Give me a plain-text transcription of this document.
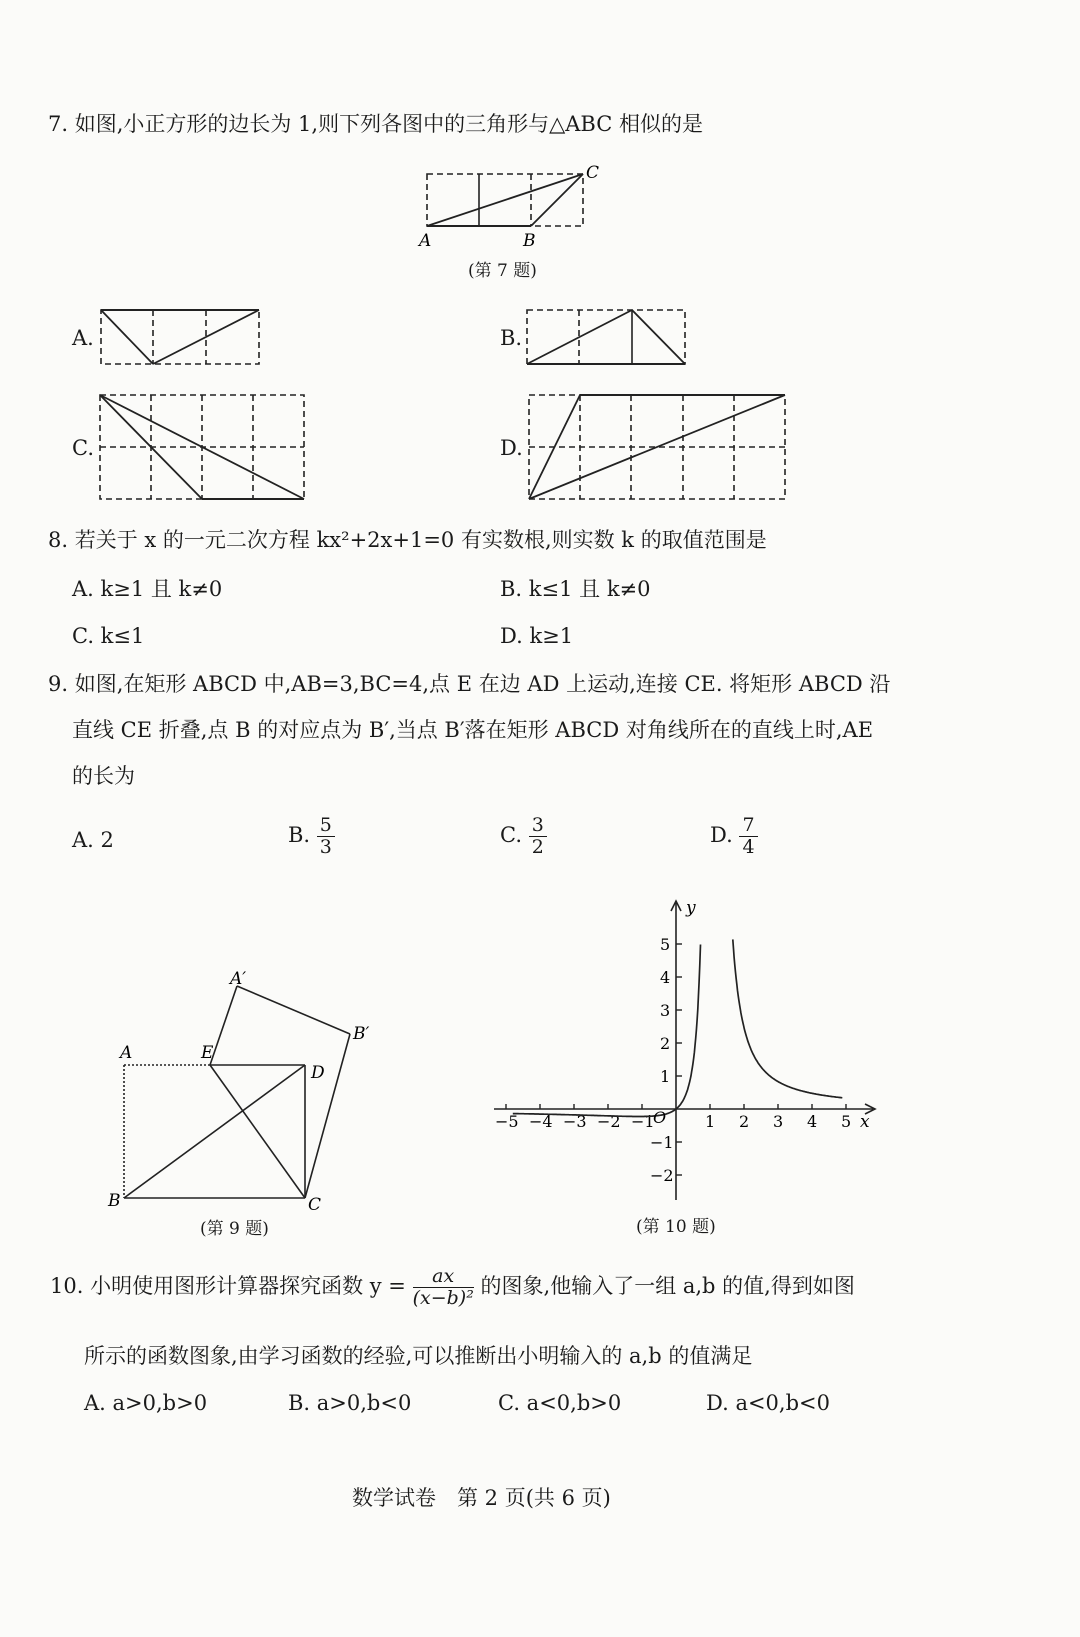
7. 如图,小正方形的边长为 1,则下列各图中的三角形与△ABC 相似的是
A	B
C
(第 7 题)
A.	B.
C.	D.
8. 若关于 x 的一元二次方程 kx²+2x+1=0 有实数根,则实数 k 的取值范围是
A. k≥1 且 k≠0	B. k≤1 且 k≠0
C. k≤1	D. k≥1
9. 如图,在矩形 ABCD 中,AB=3,BC=4,点 E 在边 AD 上运动,连接 CE. 将矩形 ABCD 沿
直线 CE 折叠,点 B 的对应点为 B′,当点 B′落在矩形 ABCD 对角线所在的直线上时,AE
的长为
A. 2	B. $\frac{5}{3}$	C. $\frac{3}{2}$	D. $\frac{7}{4}$
A	E
A′
B′
D
B	C
(第 9 题)
−5 −4 −3 −2 −1	1 2 3 4 5
5
4
3
2
1
−1
−2
y
x
O
(第 10 题)
10. 小明使用图形计算器探究函数 $y = \frac{ax}{\text{(x−b)²}}$ 的图象,他输入了一组 a,b 的值,得到如图
所示的函数图象,由学习函数的经验,可以推断出小明输入的 a,b 的值满足
A. a>0,b>0	B. a>0,b<0	C. a<0,b>0	D. a<0,b<0
数学试卷　第 2 页(共 6 页)
